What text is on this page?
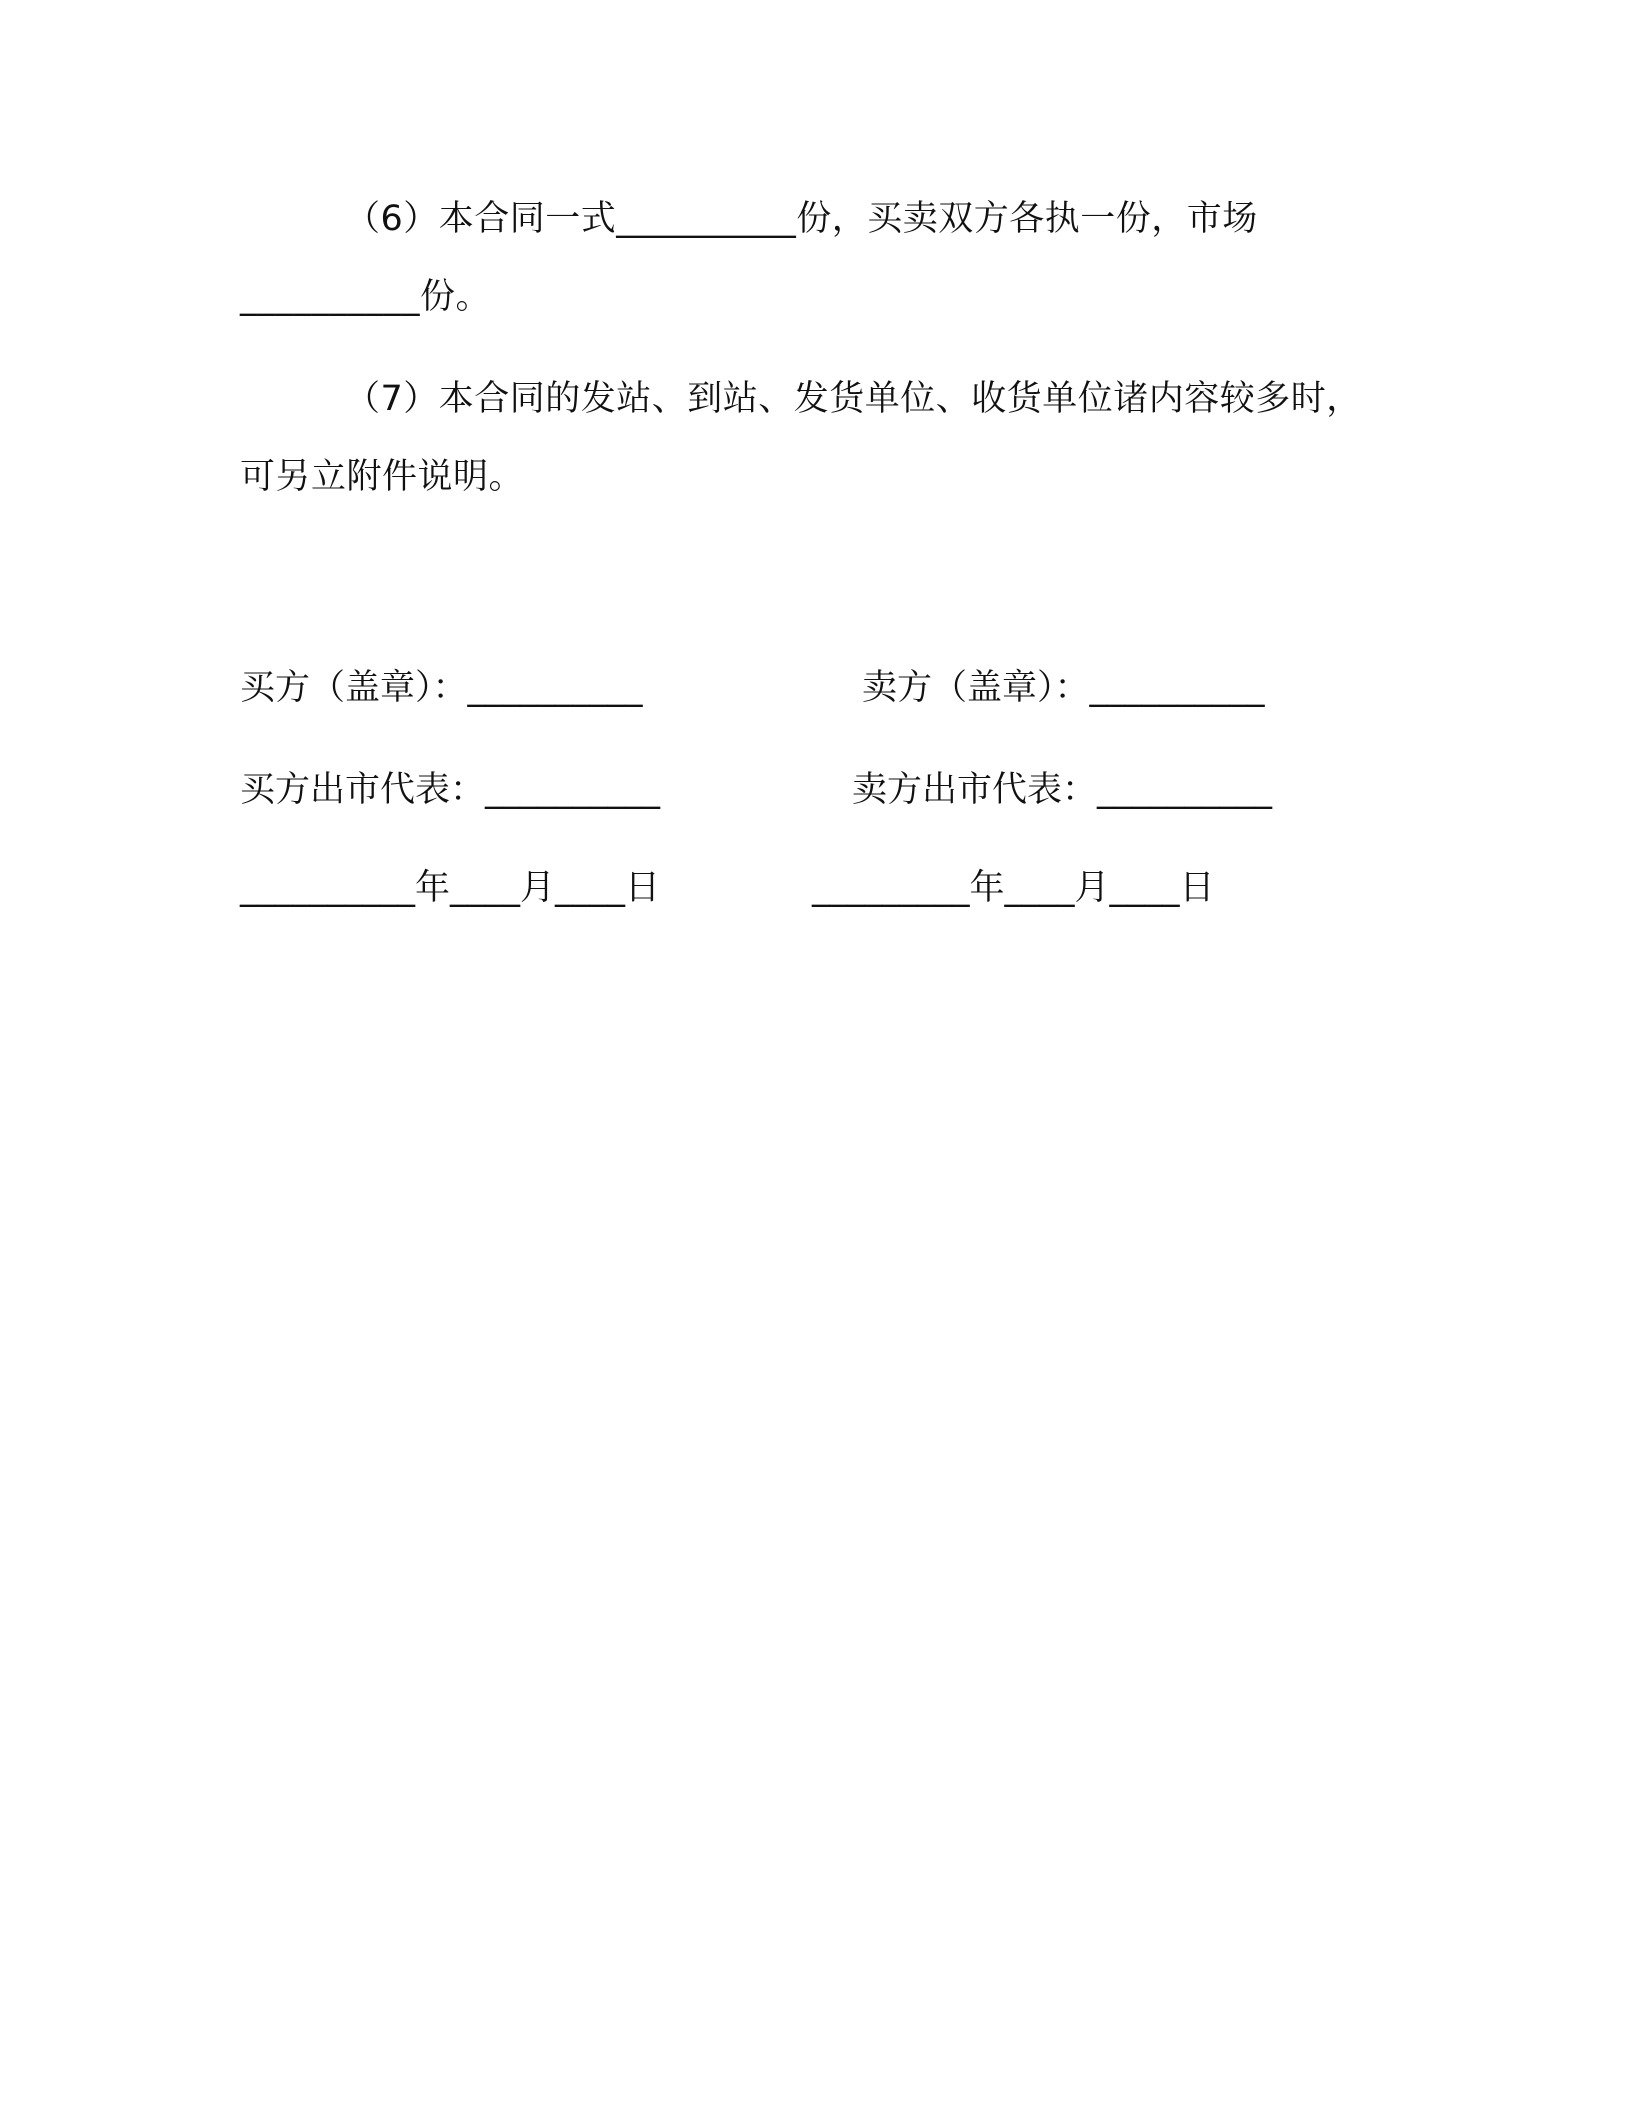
（6）本合同一式__________份，买卖双方各执一份，市场
__________份。

（7）本合同的发站、到站、发货单位、收货单位诸内容较多时，
可另立附件说明。

买方（盖章）：__________	卖方（盖章）：__________
买方出市代表：__________	卖方出市代表：__________
__________年____月____日	_________年____月____日
